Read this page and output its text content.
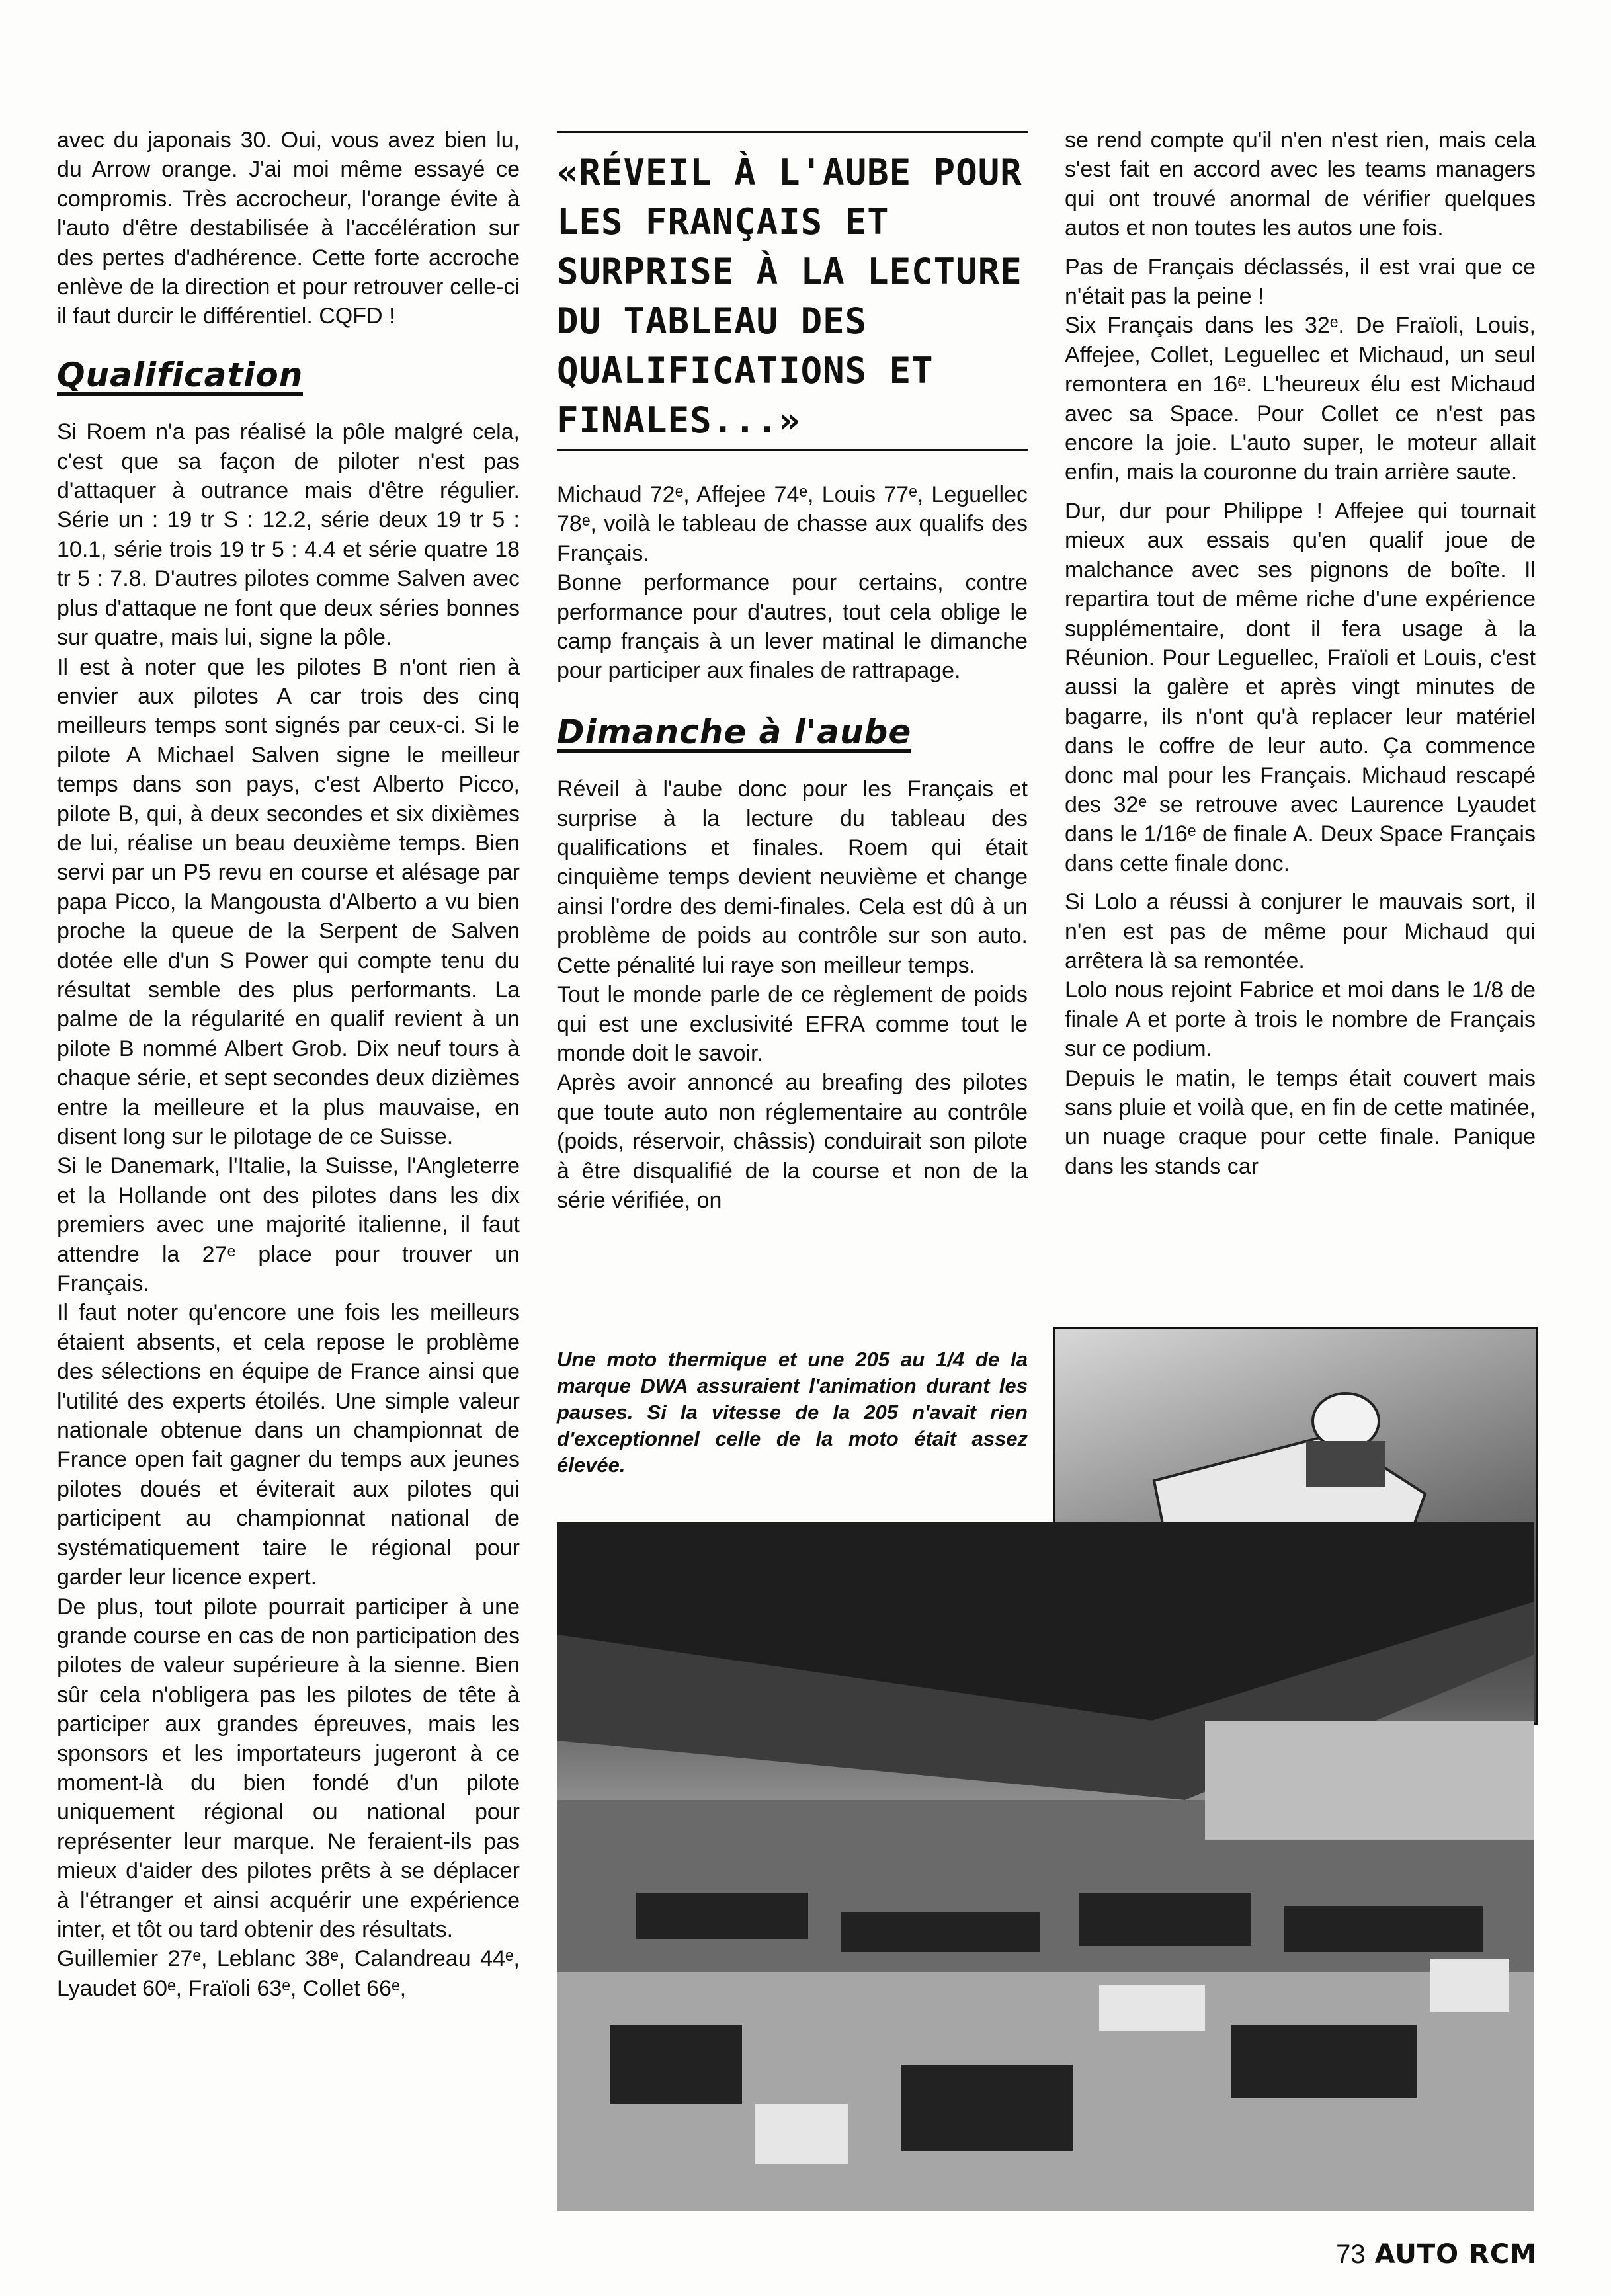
avec du japonais 30. Oui, vous avez bien lu, du Arrow orange. J'ai moi même essayé ce compromis. Très accrocheur, l'orange évite à l'auto d'être destabilisée à l'accélération sur des pertes d'adhérence. Cette forte accroche enlève de la direction et pour retrouver celle-ci il faut durcir le différentiel. CQFD !

Qualification

Si Roem n'a pas réalisé la pôle malgré cela, c'est que sa façon de piloter n'est pas d'attaquer à outrance mais d'être régulier. Série un : 19 tr S : 12.2, série deux 19 tr 5 : 10.1, série trois 19 tr 5 : 4.4 et série quatre 18 tr 5 : 7.8. D'autres pilotes comme Salven avec plus d'attaque ne font que deux séries bonnes sur quatre, mais lui, signe la pôle.

Il est à noter que les pilotes B n'ont rien à envier aux pilotes A car trois des cinq meilleurs temps sont signés par ceux-ci. Si le pilote A Michael Salven signe le meilleur temps dans son pays, c'est Alberto Picco, pilote B, qui, à deux secondes et six dixièmes de lui, réalise un beau deuxième temps. Bien servi par un P5 revu en course et alésage par papa Picco, la Mangousta d'Alberto a vu bien proche la queue de la Serpent de Salven dotée elle d'un S Power qui compte tenu du résultat semble des plus performants. La palme de la régularité en qualif revient à un pilote B nommé Albert Grob. Dix neuf tours à chaque série, et sept secondes deux dizièmes entre la meilleure et la plus mauvaise, en disent long sur le pilotage de ce Suisse.

Si le Danemark, l'Italie, la Suisse, l'Angleterre et la Hollande ont des pilotes dans les dix premiers avec une majorité italienne, il faut attendre la 27ᵉ place pour trouver un Français.

Il faut noter qu'encore une fois les meilleurs étaient absents, et cela repose le problème des sélections en équipe de France ainsi que l'utilité des experts étoilés. Une simple valeur nationale obtenue dans un championnat de France open fait gagner du temps aux jeunes pilotes doués et éviterait aux pilotes qui participent au championnat national de systématiquement taire le régional pour garder leur licence expert.

De plus, tout pilote pourrait participer à une grande course en cas de non participation des pilotes de valeur supérieure à la sienne. Bien sûr cela n'obligera pas les pilotes de tête à participer aux grandes épreuves, mais les sponsors et les importateurs jugeront à ce moment-là du bien fondé d'un pilote uniquement régional ou national pour représenter leur marque. Ne feraient-ils pas mieux d'aider des pilotes prêts à se déplacer à l'étranger et ainsi acquérir une expérience inter, et tôt ou tard obtenir des résultats.

Guillemier 27ᵉ, Leblanc 38ᵉ, Calandreau 44ᵉ, Lyaudet 60ᵉ, Fraïoli 63ᵉ, Collet 66ᵉ,

«RÉVEIL À L'AUBE POUR LES FRANÇAIS ET SURPRISE À LA LECTURE DU TABLEAU DES QUALIFICATIONS ET FINALES...»

Michaud 72ᵉ, Affejee 74ᵉ, Louis 77ᵉ, Leguellec 78ᵉ, voilà le tableau de chasse aux qualifs des Français.

Bonne performance pour certains, contre performance pour d'autres, tout cela oblige le camp français à un lever matinal le dimanche pour participer aux finales de rattrapage.

Dimanche à l'aube

Réveil à l'aube donc pour les Français et surprise à la lecture du tableau des qualifications et finales. Roem qui était cinquième temps devient neuvième et change ainsi l'ordre des demi-finales. Cela est dû à un problème de poids au contrôle sur son auto. Cette pénalité lui raye son meilleur temps.

Tout le monde parle de ce règlement de poids qui est une exclusivité EFRA comme tout le monde doit le savoir.

Après avoir annoncé au breafing des pilotes que toute auto non réglementaire au contrôle (poids, réservoir, châssis) conduirait son pilote à être disqualifié de la course et non de la série vérifiée, on

Une moto thermique et une 205 au 1/4 de la marque DWA assuraient l'animation durant les pauses. Si la vitesse de la 205 n'avait rien d'exceptionnel celle de la moto était assez élevée.

se rend compte qu'il n'en n'est rien, mais cela s'est fait en accord avec les teams managers qui ont trouvé anormal de vérifier quelques autos et non toutes les autos une fois.

Pas de Français déclassés, il est vrai que ce n'était pas la peine !

Six Français dans les 32ᵉ. De Fraïoli, Louis, Affejee, Collet, Leguellec et Michaud, un seul remontera en 16ᵉ. L'heureux élu est Michaud avec sa Space. Pour Collet ce n'est pas encore la joie. L'auto super, le moteur allait enfin, mais la couronne du train arrière saute.

Dur, dur pour Philippe ! Affejee qui tournait mieux aux essais qu'en qualif joue de malchance avec ses pignons de boîte. Il repartira tout de même riche d'une expérience supplémentaire, dont il fera usage à la Réunion. Pour Leguellec, Fraïoli et Louis, c'est aussi la galère et après vingt minutes de bagarre, ils n'ont qu'à replacer leur matériel dans le coffre de leur auto. Ça commence donc mal pour les Français. Michaud rescapé des 32ᵉ se retrouve avec Laurence Lyaudet dans le 1/16ᵉ de finale A. Deux Space Français dans cette finale donc.

Si Lolo a réussi à conjurer le mauvais sort, il n'en est pas de même pour Michaud qui arrêtera là sa remontée.

Lolo nous rejoint Fabrice et moi dans le 1/8 de finale A et porte à trois le nombre de Français sur ce podium.

Depuis le matin, le temps était couvert mais sans pluie et voilà que, en fin de cette matinée, un nuage craque pour cette finale. Panique dans les stands car

73 AUTO RCM
